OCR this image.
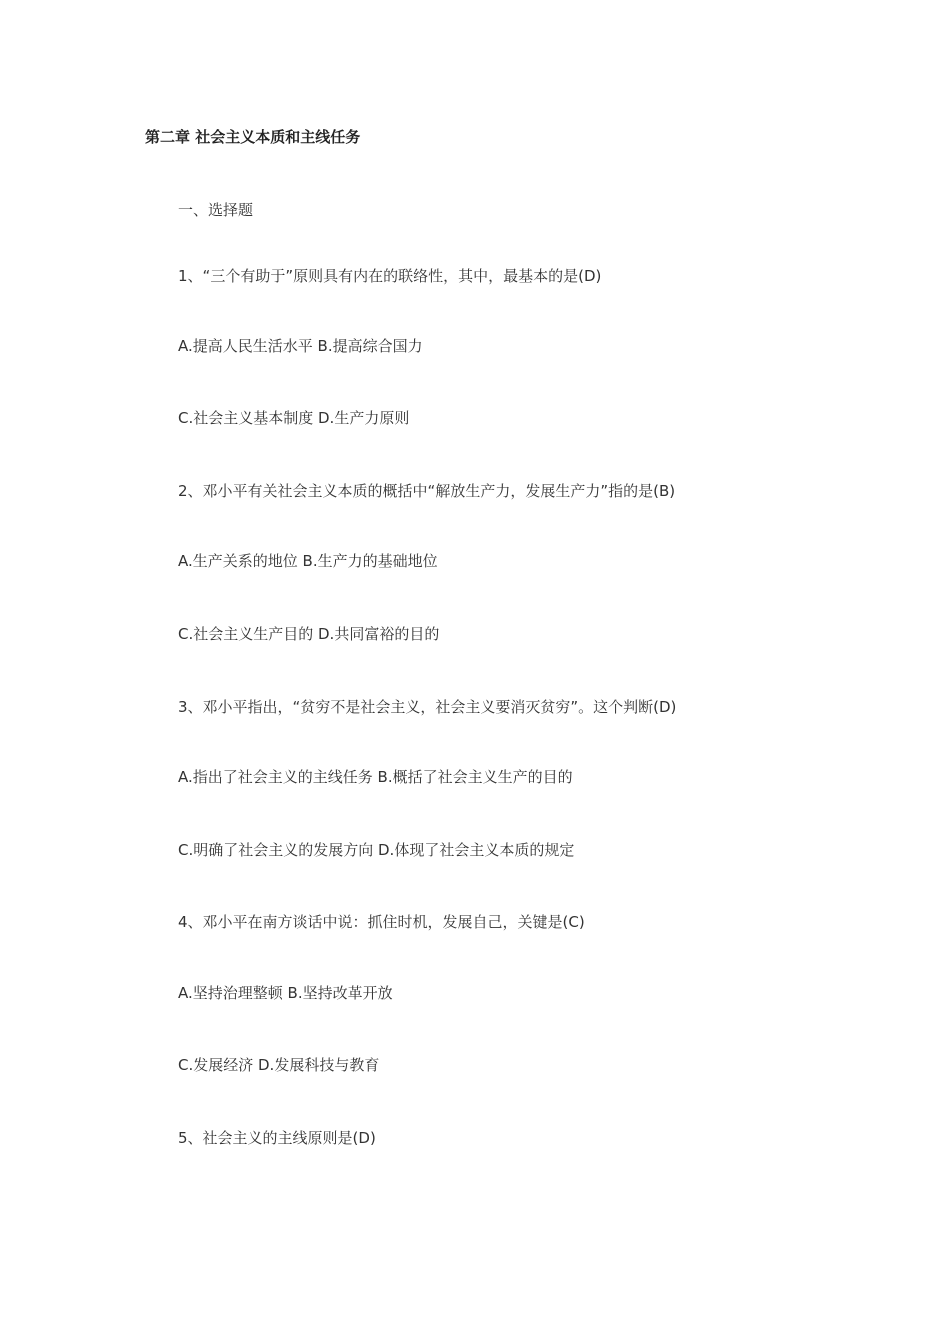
第二章 社会主义本质和主线任务
一、选择题
1、“三个有助于”原则具有内在的联络性，其中，最基本的是(D)
A.提高人民生活水平 B.提高综合国力
C.社会主义基本制度 D.生产力原则
2、邓小平有关社会主义本质的概括中“解放生产力，发展生产力”指的是(B)
A.生产关系的地位 B.生产力的基础地位
C.社会主义生产目的 D.共同富裕的目的
3、邓小平指出，“贫穷不是社会主义，社会主义要消灭贫穷”。这个判断(D)
A.指出了社会主义的主线任务 B.概括了社会主义生产的目的
C.明确了社会主义的发展方向 D.体现了社会主义本质的规定
4、邓小平在南方谈话中说：抓住时机，发展自己，关键是(C)
A.坚持治理整顿 B.坚持改革开放
C.发展经济 D.发展科技与教育
5、社会主义的主线原则是(D)
